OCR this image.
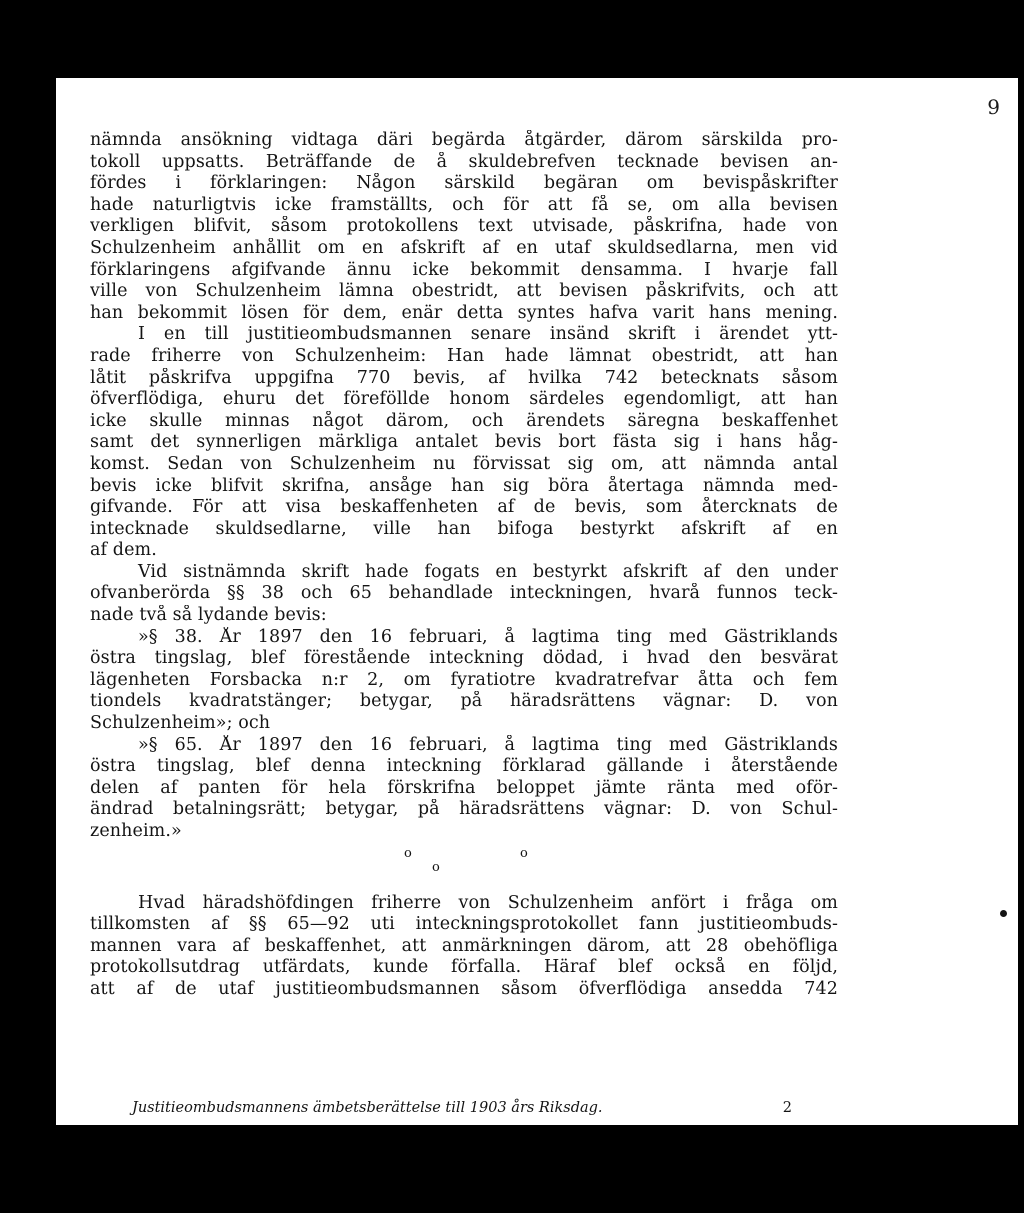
9
nämnda ansökning vidtaga däri begärda åtgärder, därom särskilda pro-
tokoll uppsatts. Beträffande de å skuldebrefven tecknade bevisen an-
fördes i förklaringen: Någon särskild begäran om bevispåskrifter
hade naturligtvis icke framställts, och för att få se, om alla bevisen
verkligen blifvit, såsom protokollens text utvisade, påskrifna, hade von
Schulzenheim anhållit om en afskrift af en utaf skuldsedlarna, men vid
förklaringens afgifvande ännu icke bekommit densamma. I hvarje fall
ville von Schulzenheim lämna obestridt, att bevisen påskrifvits, och att
han bekommit lösen för dem, enär detta syntes hafva varit hans mening.
I en till justitieombudsmannen senare insänd skrift i ärendet ytt-
rade friherre von Schulzenheim: Han hade lämnat obestridt, att han
låtit påskrifva uppgifna 770 bevis, af hvilka 742 betecknats såsom
öfverflödiga, ehuru det föreföllde honom särdeles egendomligt, att han
icke skulle minnas något därom, och ärendets säregna beskaffenhet
samt det synnerligen märkliga antalet bevis bort fästa sig i hans håg-
komst. Sedan von Schulzenheim nu förvissat sig om, att nämnda antal
bevis icke blifvit skrifna, ansåge han sig böra återtaga nämnda med-
gifvande. För att visa beskaffenheten af de bevis, som återcknats de
intecknade skuldsedlarne, ville han bifoga bestyrkt afskrift af en
af dem.
Vid sistnämnda skrift hade fogats en bestyrkt afskrift af den under
ofvanberörda §§ 38 och 65 behandlade inteckningen, hvarå funnos teck-
nade två så lydande bevis:
»§ 38. År 1897 den 16 februari, å lagtima ting med Gästriklands
östra tingslag, blef förestående inteckning dödad, i hvad den besvärat
lägenheten Forsbacka n:r 2, om fyratiotre kvadratrefvar åtta och fem
tiondels kvadratstänger; betygar, på häradsrättens vägnar: D. von
Schulzenheim»; och
»§ 65. År 1897 den 16 februari, å lagtima ting med Gästriklands
östra tingslag, blef denna inteckning förklarad gällande i återstående
delen af panten för hela förskrifna beloppet jämte ränta med oför-
ändrad betalningsrätt; betygar, på häradsrättens vägnar: D. von Schul-
zenheim.»
o
o
o
Hvad häradshöfdingen friherre von Schulzenheim anfört i fråga om
tillkomsten af §§ 65—92 uti inteckningsprotokollet fann justitieombuds-
mannen vara af beskaffenhet, att anmärkningen därom, att 28 obehöfliga
protokollsutdrag utfärdats, kunde förfalla. Häraf blef också en följd,
att af de utaf justitieombudsmannen såsom öfverflödiga ansedda 742
Justitieombudsmannens ämbetsberättelse till 1903 års Riksdag.	2
